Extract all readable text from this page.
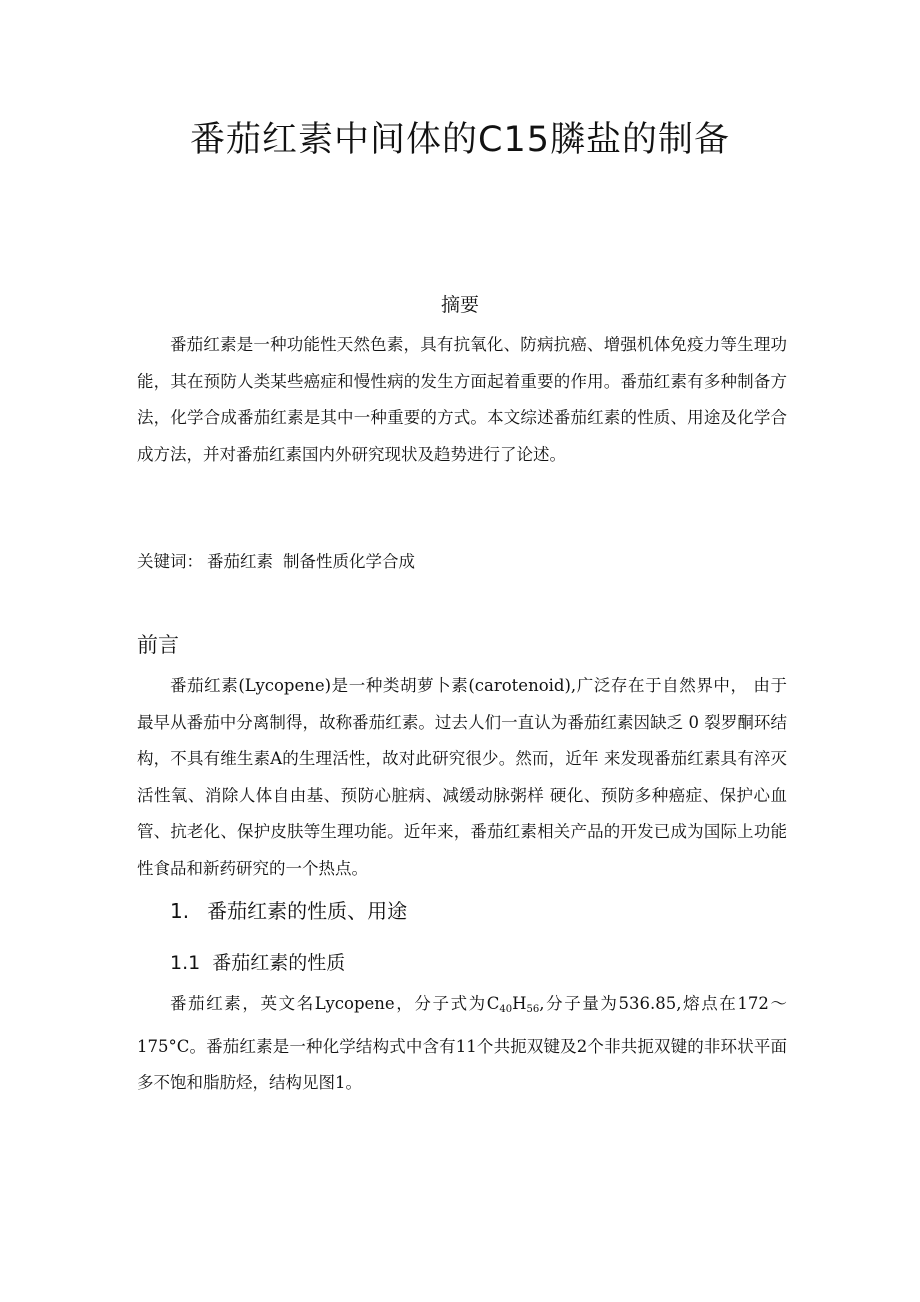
番茄红素中间体的C15膦盐的制备
摘要

番茄红素是一种功能性天然色素，具有抗氧化、防病抗癌、增强机体免疫力等生理功能，其在预防人类某些癌症和慢性病的发生方面起着重要的作用。番茄红素有多种制备方法，化学合成番茄红素是其中一种重要的方式。本文综述番茄红素的性质、用途及化学合成方法，并对番茄红素国内外研究现状及趋势进行了论述。

关键词： 番茄红素 制备性质化学合成
前言

番茄红素(Lycopene)是一种类胡萝卜素(carotenoid),广泛存在于自然界中， 由于最早从番茄中分离制得，故称番茄红素。过去人们一直认为番茄红素因缺乏 0 裂罗酮环结构，不具有维生素A的生理活性，故对此研究很少。然而，近年 来发现番茄红素具有淬灭活性氧、消除人体自由基、预防心脏病、减缓动脉粥样 硬化、预防多种癌症、保护心血管、抗老化、保护皮肤等生理功能。近年来，番茄红素相关产品的开发已成为国际上功能性食品和新药研究的一个热点。

1. 番茄红素的性质、用途
1.1 番茄红素的性质

番茄红素，英文名Lycopene，分子式为$C_{40}H_{56}$,分子量为536.85,熔点在172〜175°C。番茄红素是一种化学结构式中含有11个共扼双键及2个非共扼双键的非环状平面多不饱和脂肪烃，结构见图1。
